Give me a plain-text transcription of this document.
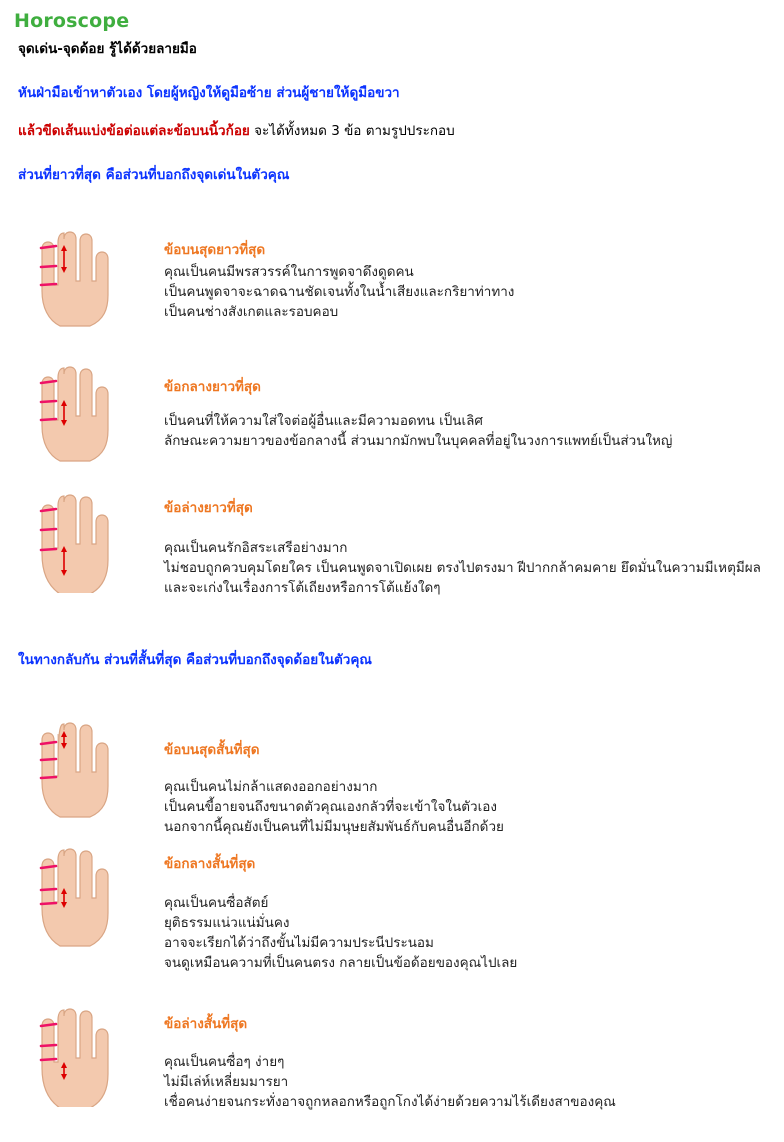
Horoscope
จุดเด่น-จุดด้อย รู้ได้ด้วยลายมือ
หันฝ่ามือเข้าหาตัวเอง โดยผู้หญิงให้ดูมือซ้าย ส่วนผู้ชายให้ดูมือขวา
แล้วขีดเส้นแบ่งข้อต่อแต่ละข้อบนนิ้วก้อย จะได้ทั้งหมด 3 ข้อ ตามรูปประกอบ
ส่วนที่ยาวที่สุด คือส่วนที่บอกถึงจุดเด่นในตัวคุณ
ข้อบนสุดยาวที่สุด
คุณเป็นคนมีพรสวรรค์ในการพูดจาดึงดูดคน
เป็นคนพูดจาจะฉาดฉานชัดเจนทั้งในน้ำเสียงและกริยาท่าทาง
เป็นคนช่างสังเกตและรอบคอบ
ข้อกลางยาวที่สุด
เป็นคนที่ให้ความใส่ใจต่อผู้อื่นและมีความอดทน เป็นเลิศ
ลักษณะความยาวของข้อกลางนี้ ส่วนมากมักพบในบุคคลที่อยู่ในวงการแพทย์เป็นส่วนใหญ่
ข้อล่างยาวที่สุด
คุณเป็นคนรักอิสระเสรีอย่างมาก
ไม่ชอบถูกควบคุมโดยใคร เป็นคนพูดจาเปิดเผย ตรงไปตรงมา ฝีปากกล้าคมคาย ยึดมั่นในความมีเหตุมีผล
และจะเก่งในเรื่องการโต้เถียงหรือการโต้แย้งใดๆ
ในทางกลับกัน ส่วนที่สั้นที่สุด คือส่วนที่บอกถึงจุดด้อยในตัวคุณ
ข้อบนสุดสั้นที่สุด
คุณเป็นคนไม่กล้าแสดงออกอย่างมาก
เป็นคนขี้อายจนถึงขนาดตัวคุณเองกลัวที่จะเข้าใจในตัวเอง
นอกจากนี้คุณยังเป็นคนที่ไม่มีมนุษยสัมพันธ์กับคนอื่นอีกด้วย
ข้อกลางสั้นที่สุด
คุณเป็นคนซื่อสัตย์
ยุติธรรมแน่วแน่มั่นคง
อาจจะเรียกได้ว่าถึงขั้นไม่มีความประนีประนอม
จนดูเหมือนความที่เป็นคนตรง กลายเป็นข้อด้อยของคุณไปเลย
ข้อล่างสั้นที่สุด
คุณเป็นคนซื่อๆ ง่ายๆ
ไม่มีเล่ห์เหลี่ยมมารยา
เชื่อคนง่ายจนกระทั่งอาจถูกหลอกหรือถูกโกงได้ง่ายด้วยความไร้เดียงสาของคุณ
